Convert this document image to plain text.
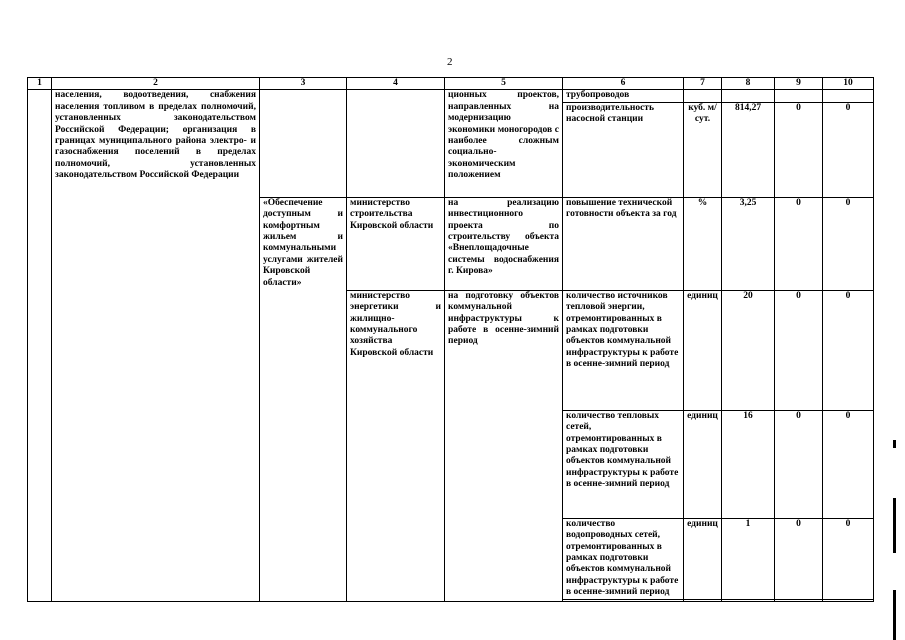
2
1	2	3	4	5	6	7	8	9	10
	населения, водоотведения, снабжения населения топливом в пределах полномочий, установленных законодательством Российской Федерации; организация в границах муниципального района электро- и газоснабжения поселений в пределах полномочий, установленных законодательством Российской Федерации			ционных проектов, направленных на модернизацию экономики моногородов с наиболее сложным социально-экономическим положением	трубопроводов				
					производительность насосной станции	куб. м/сут.	814,27	0	0
		«Обеспечение доступным и комфортным жильем и коммунальными услугами жителей Кировской области»	министерство строительства Кировской области	на реализацию инвестиционного проекта по строительству объекта «Внеплощадочные системы водоснабжения г. Кирова»	повышение технической готовности объекта за год	%	3,25	0	0
			министерство энергетики и жилищно-коммунального хозяйства Кировской области	на подготовку объектов коммунальной инфраструктуры к работе в осенне-зимний период	количество источников тепловой энергии, отремонтированных в рамках подготовки объектов коммунальной инфраструктуры к работе в осенне-зимний период	единиц	20	0	0
					количество тепловых сетей, отремонтированных в рамках подготовки объектов коммунальной инфраструктуры к работе в осенне-зимний период	единиц	16	0	0
					количество водопроводных сетей, отремонтированных в рамках подготовки объектов коммунальной инфраструктуры к работе в осенне-зимний период	единиц	1	0	0
